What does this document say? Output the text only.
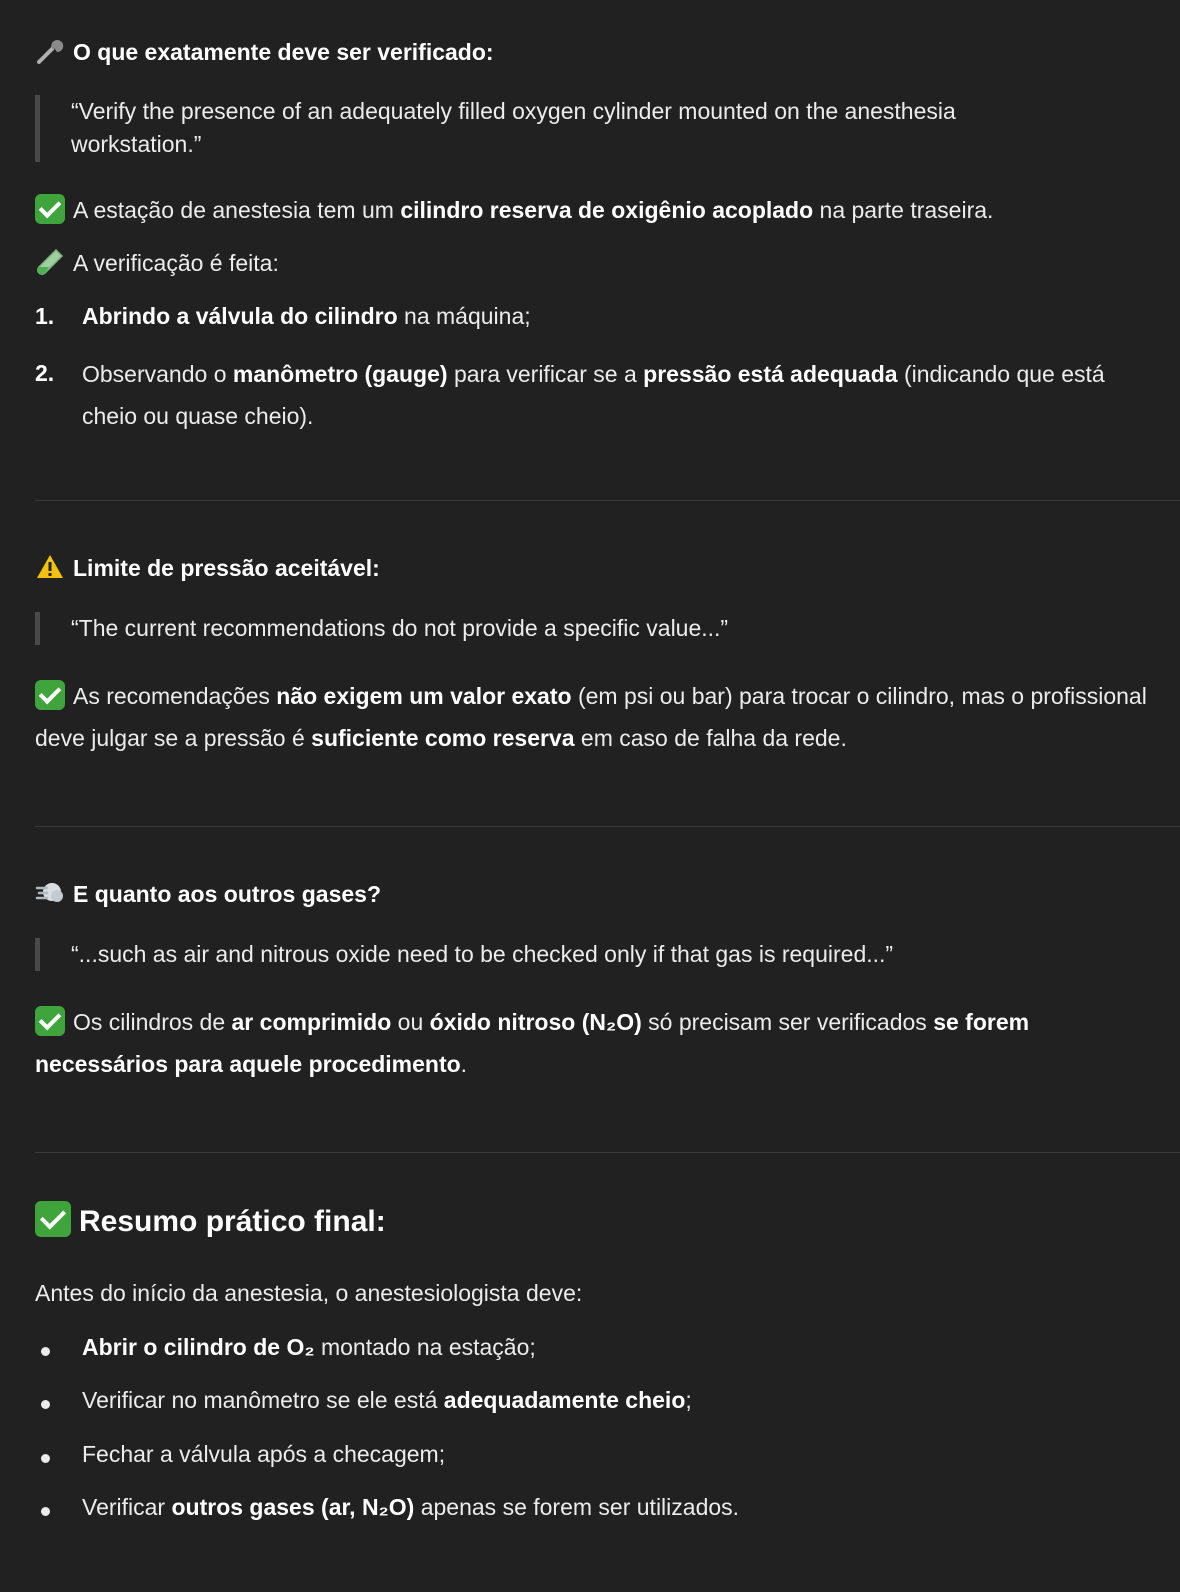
O que exatamente deve ser verificado:

“Verify the presence of an adequately filled oxygen cylinder mounted on the anesthesia workstation.”

A estação de anestesia tem um cilindro reserva de oxigênio acoplado na parte traseira.

A verificação é feita:

1. Abrindo a válvula do cilindro na máquina;
2. Observando o manômetro (gauge) para verificar se a pressão está adequada (indicando que está cheio ou quase cheio).
Limite de pressão aceitável:

“The current recommendations do not provide a specific value...”

As recomendações não exigem um valor exato (em psi ou bar) para trocar o cilindro, mas o profissional deve julgar se a pressão é suficiente como reserva em caso de falha da rede.

E quanto aos outros gases?

“...such as air and nitrous oxide need to be checked only if that gas is required...”

Os cilindros de ar comprimido ou óxido nitroso (N₂O) só precisam ser verificados se forem necessários para aquele procedimento.

Resumo prático final:

Antes do início da anestesia, o anestesiologista deve:

Abrir o cilindro de O₂ montado na estação;
Verificar no manômetro se ele está adequadamente cheio;
Fechar a válvula após a checagem;
Verificar outros gases (ar, N₂O) apenas se forem ser utilizados.
